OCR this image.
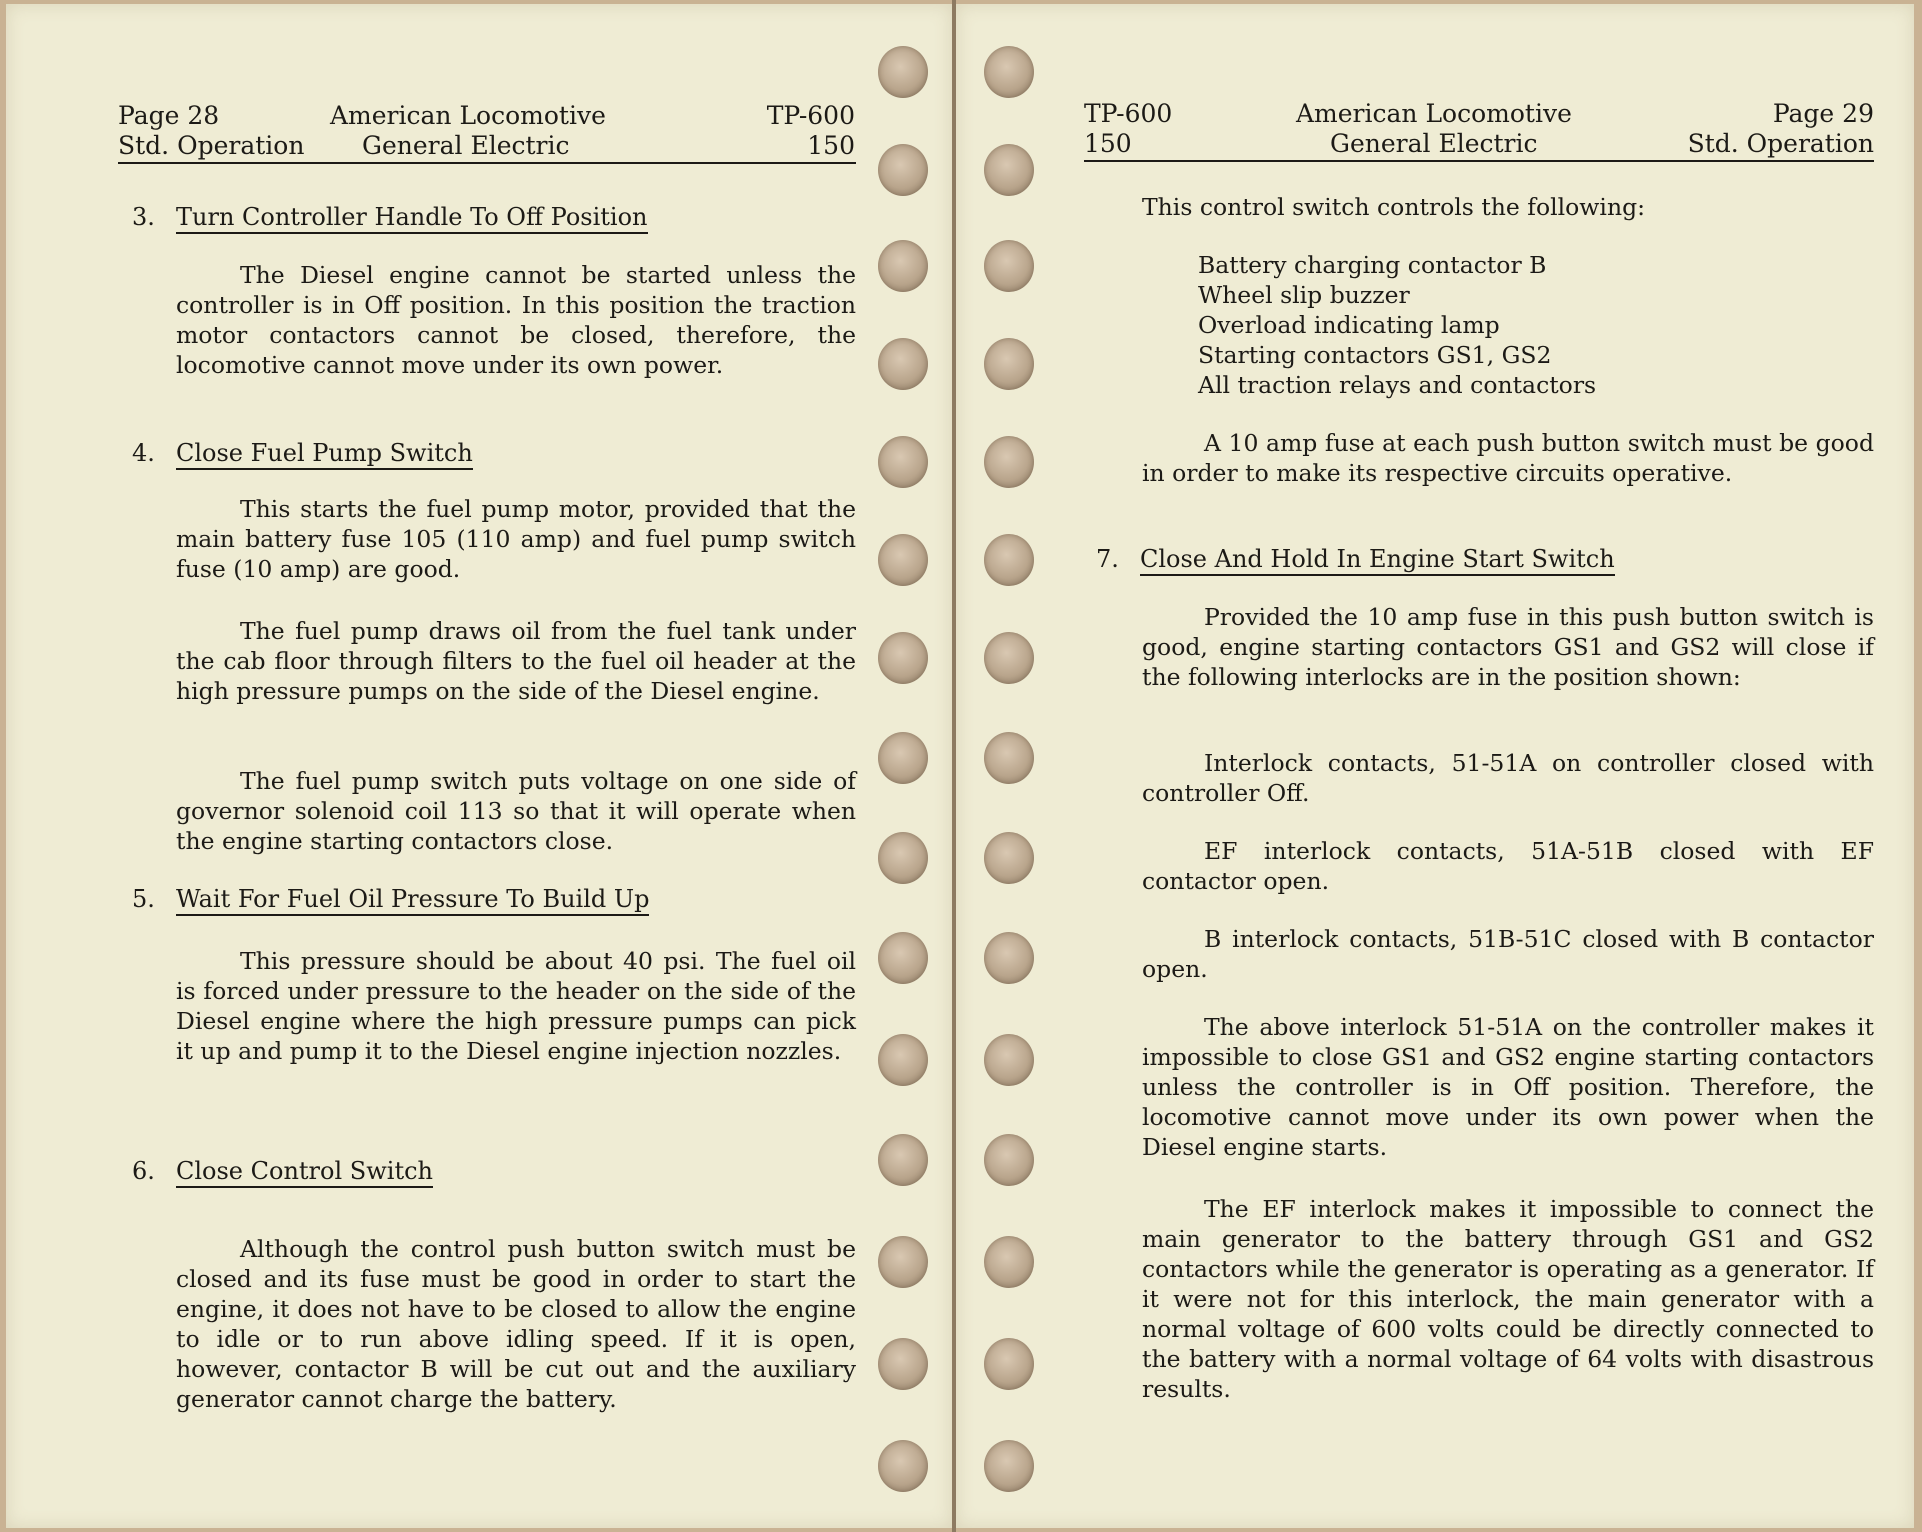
Page 28
Std. Operation
American Locomotive
General Electric
TP-600
150
3. Turn Controller Handle To Off Position

The Diesel engine cannot be started unless the controller is in Off position. In this position the traction motor contactors cannot be closed, therefore, the locomotive cannot move under its own power.

4. Close Fuel Pump Switch

This starts the fuel pump motor, provided that the main battery fuse 105 (110 amp) and fuel pump switch fuse (10 amp) are good.

The fuel pump draws oil from the fuel tank under the cab floor through filters to the fuel oil header at the high pressure pumps on the side of the Diesel engine.

The fuel pump switch puts voltage on one side of governor solenoid coil 113 so that it will operate when the engine starting contactors close.

5. Wait For Fuel Oil Pressure To Build Up

This pressure should be about 40 psi. The fuel oil is forced under pressure to the header on the side of the Diesel engine where the high pressure pumps can pick it up and pump it to the Diesel engine injection nozzles.

6. Close Control Switch

Although the control push button switch must be closed and its fuse must be good in order to start the engine, it does not have to be closed to allow the engine to idle or to run above idling speed. If it is open, however, contactor B will be cut out and the auxiliary generator cannot charge the battery.

TP-600
150
American Locomotive
General Electric
Page 29
Std. Operation

This control switch controls the following:

Battery charging contactor B
Wheel slip buzzer
Overload indicating lamp
Starting contactors GS1, GS2
All traction relays and contactors

A 10 amp fuse at each push button switch must be good in order to make its respective circuits operative.

7. Close And Hold In Engine Start Switch

Provided the 10 amp fuse in this push button switch is good, engine starting contactors GS1 and GS2 will close if the following interlocks are in the position shown:

Interlock contacts, 51-51A on controller closed with controller Off.

EF interlock contacts, 51A-51B closed with EF contactor open.

B interlock contacts, 51B-51C closed with B contactor open.

The above interlock 51-51A on the controller makes it impossible to close GS1 and GS2 engine starting contactors unless the controller is in Off position. Therefore, the locomotive cannot move under its own power when the Diesel engine starts.

The EF interlock makes it impossible to connect the main generator to the battery through GS1 and GS2 contactors while the generator is operating as a generator. If it were not for this interlock, the main generator with a normal voltage of 600 volts could be directly connected to the battery with a normal voltage of 64 volts with disastrous results.
